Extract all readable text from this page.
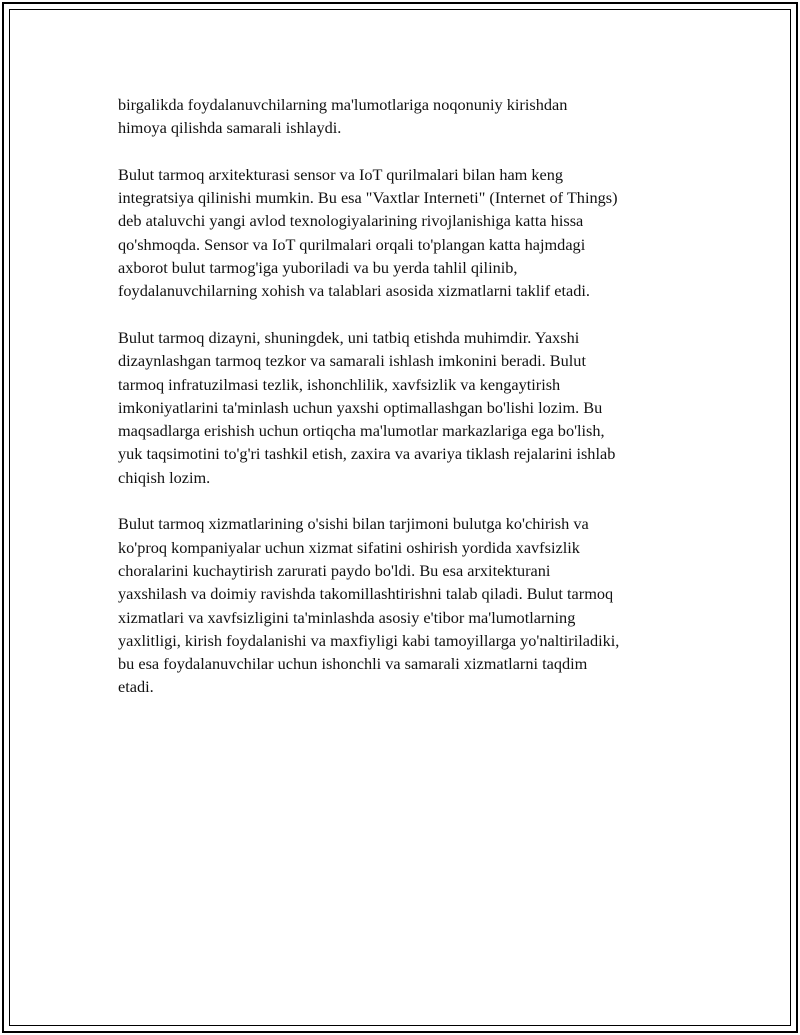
birgalikda foydalanuvchilarning ma'lumotlariga noqonuniy kirishdan
himoya qilishda samarali ishlaydi.

Bulut tarmoq arxitekturasi sensor va IoT qurilmalari bilan ham keng
integratsiya qilinishi mumkin. Bu esa "Vaxtlar Interneti" (Internet of Things)
deb ataluvchi yangi avlod texnologiyalarining rivojlanishiga katta hissa
qo'shmoqda. Sensor va IoT qurilmalari orqali to'plangan katta hajmdagi
axborot bulut tarmog'iga yuboriladi va bu yerda tahlil qilinib,
foydalanuvchilarning xohish va talablari asosida xizmatlarni taklif etadi.

Bulut tarmoq dizayni, shuningdek, uni tatbiq etishda muhimdir. Yaxshi
dizaynlashgan tarmoq tezkor va samarali ishlash imkonini beradi. Bulut
tarmoq infratuzilmasi tezlik, ishonchlilik, xavfsizlik va kengaytirish
imkoniyatlarini ta'minlash uchun yaxshi optimallashgan bo'lishi lozim. Bu
maqsadlarga erishish uchun ortiqcha ma'lumotlar markazlariga ega bo'lish,
yuk taqsimotini to'g'ri tashkil etish, zaxira va avariya tiklash rejalarini ishlab
chiqish lozim.

Bulut tarmoq xizmatlarining o'sishi bilan tarjimoni bulutga ko'chirish va
ko'proq kompaniyalar uchun xizmat sifatini oshirish yordida xavfsizlik
choralarini kuchaytirish zarurati paydo bo'ldi. Bu esa arxitekturani
yaxshilash va doimiy ravishda takomillashtirishni talab qiladi. Bulut tarmoq
xizmatlari va xavfsizligini ta'minlashda asosiy e'tibor ma'lumotlarning
yaxlitligi, kirish foydalanishi va maxfiyligi kabi tamoyillarga yo'naltiriladiki,
bu esa foydalanuvchilar uchun ishonchli va samarali xizmatlarni taqdim
etadi.
